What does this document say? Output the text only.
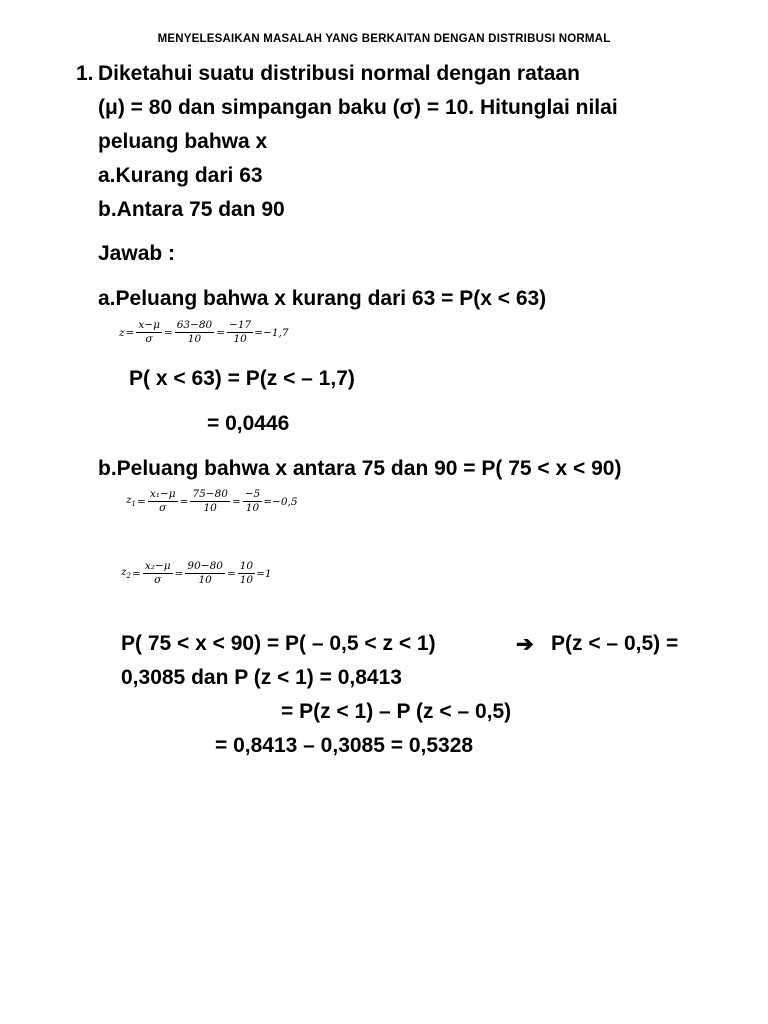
MENYELESAIKAN MASALAH YANG BERKAITAN DENGAN DISTRIBUSI NORMAL
1. Diketahui suatu distribusi normal dengan rataan
(μ) = 80 dan simpangan baku (σ) = 10. Hitunglai nilai
peluang bahwa x
a.Kurang dari 63
b.Antara 75 dan 90
Jawab :
a.Peluang bahwa x kurang dari 63 = P(x < 63)
$z = \frac{x-\mu}{\sigma} = \frac{63-80}{10} = \frac{-17}{10} =-1,7$
P( x < 63) = P(z < – 1,7)
= 0,0446
b.Peluang bahwa x antara 75 dan 90 = P( 75 < x < 90)
$z_1 = \frac{\text{x₁−μ}}{\sigma} = \frac{75-80}{10} = \frac{-5}{10} =-0,5$
$z_2 = \frac{\text{x₂−μ}}{\sigma} = \frac{90-80}{10} = \frac{10}{10} =1$
P( 75 < x < 90) = P( – 0,5 < z < 1)	➔ P(z < – 0,5) =
0,3085 dan P (z < 1) = 0,8413
= P(z < 1) – P (z < – 0,5)
= 0,8413 – 0,3085 = 0,5328
